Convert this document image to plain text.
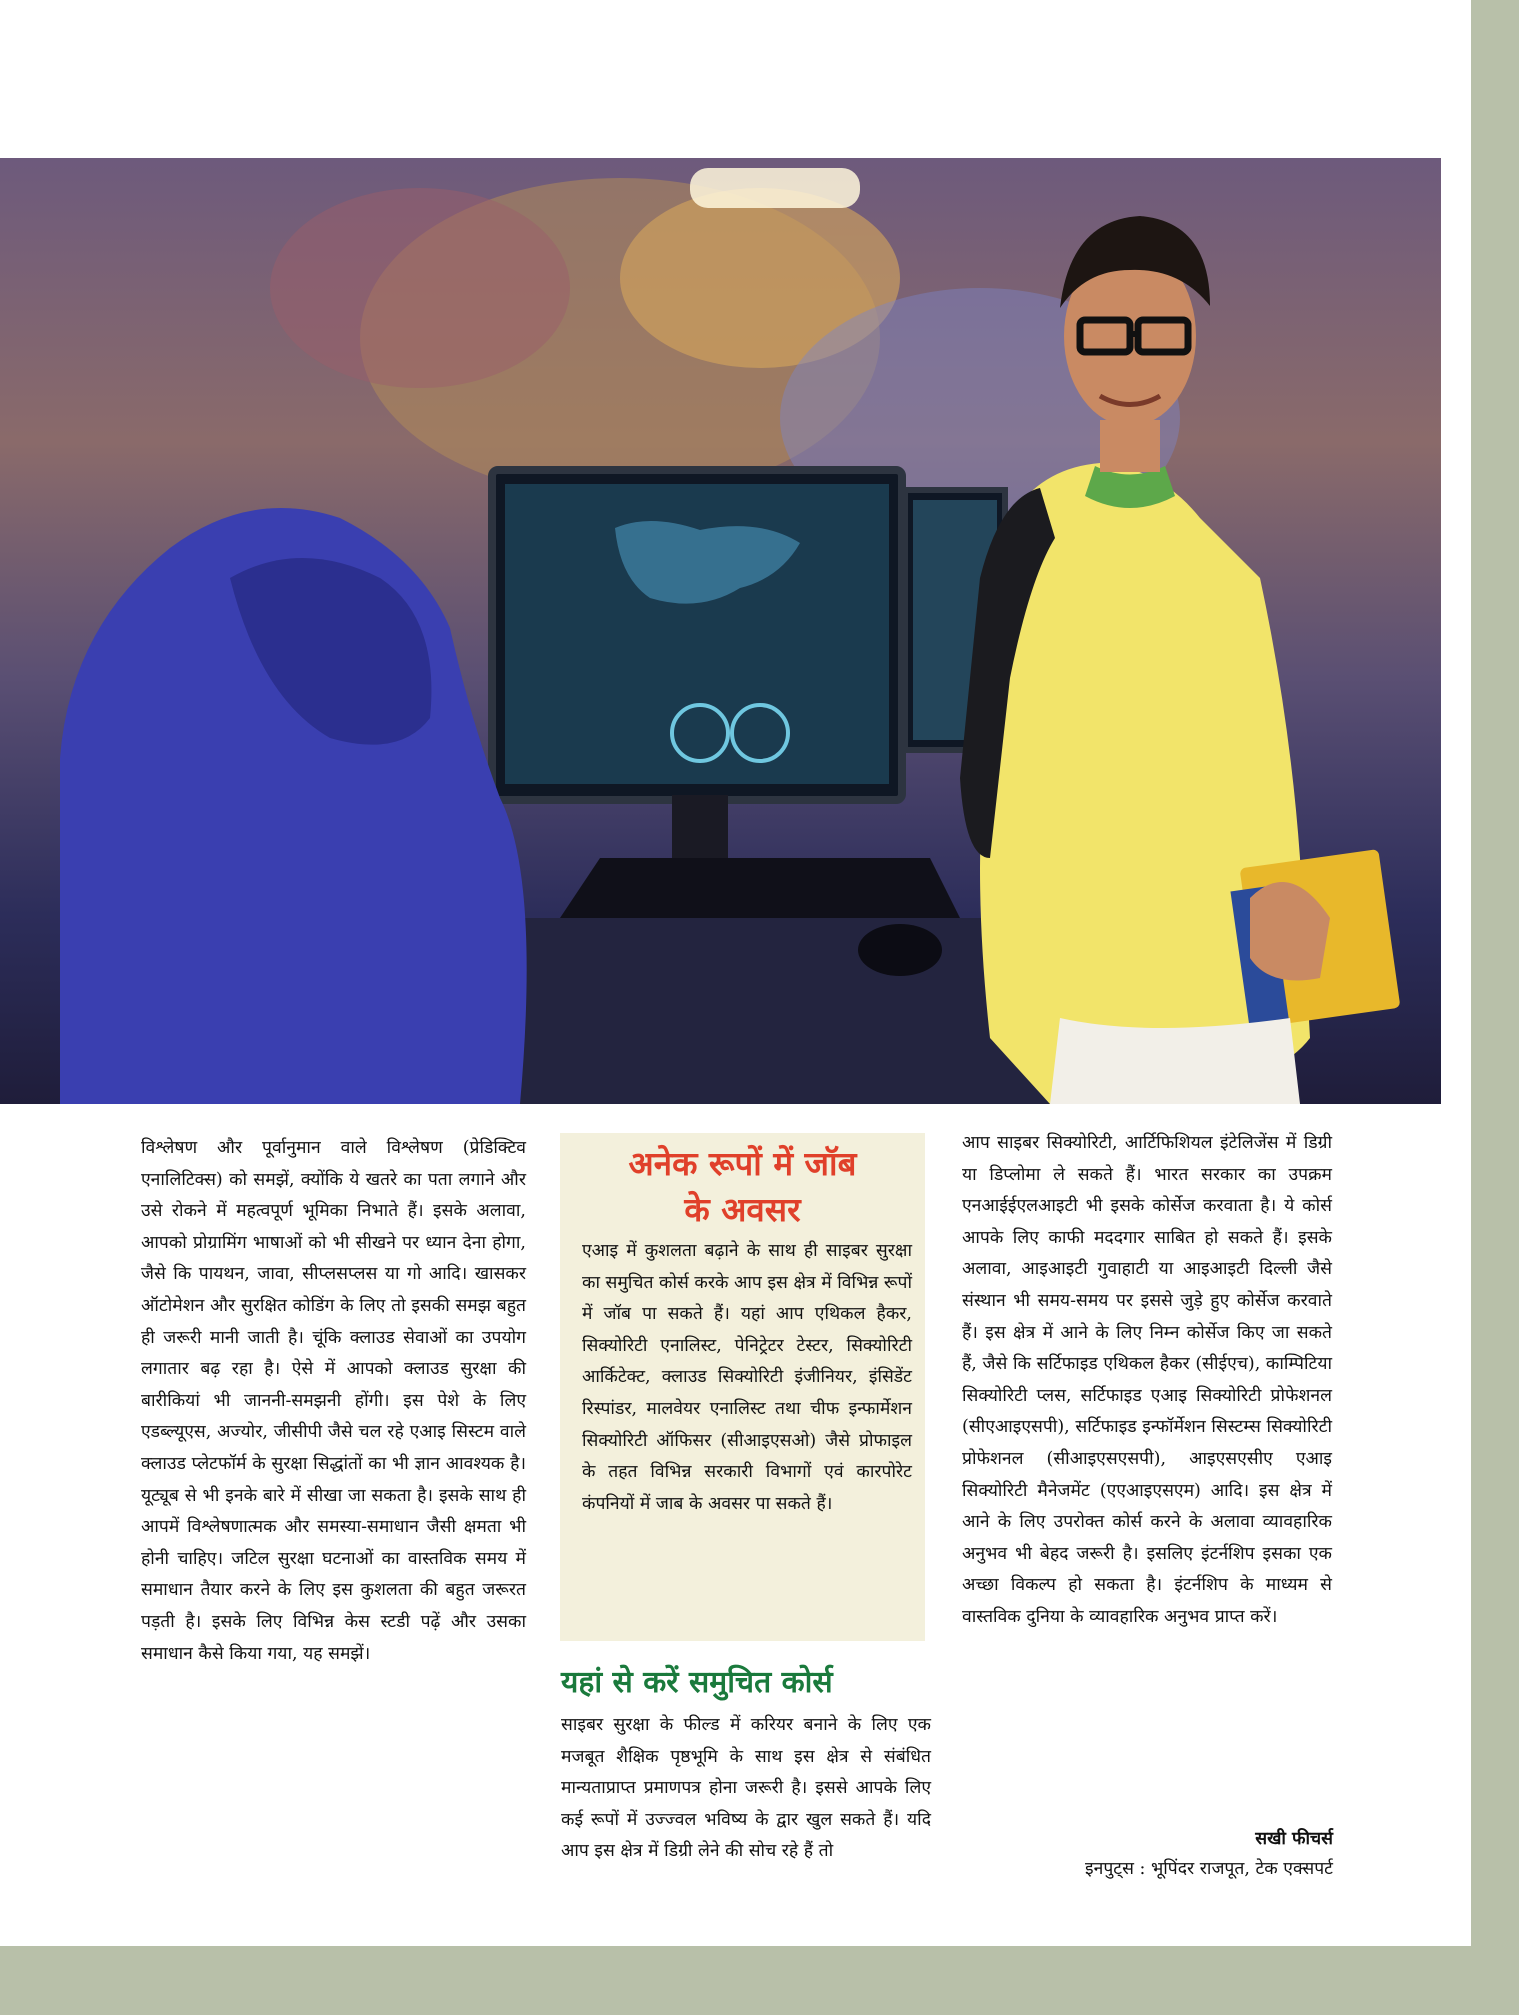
विश्लेषण और पूर्वानुमान वाले विश्लेषण (प्रेडिक्टिव एनालिटिक्स) को समझें, क्योंकि ये खतरे का पता लगाने और उसे रोकने में महत्वपूर्ण भूमिका निभाते हैं। इसके अलावा, आपको प्रोग्रामिंग भाषाओं को भी सीखने पर ध्यान देना होगा, जैसे कि पायथन, जावा, सीप्लसप्लस या गो आदि। खासकर ऑटोमेशन और सुरक्षित कोडिंग के लिए तो इसकी समझ बहुत ही जरूरी मानी जाती है। चूंकि क्लाउड सेवाओं का उपयोग लगातार बढ़ रहा है। ऐसे में आपको क्लाउड सुरक्षा की बारीकियां भी जाननी-समझनी होंगी। इस पेशे के लिए एडब्ल्यूएस, अज्योर, जीसीपी जैसे चल रहे एआइ सिस्टम वाले क्लाउड प्लेटफॉर्म के सुरक्षा सिद्धांतों का भी ज्ञान आवश्यक है। यूट्यूब से भी इनके बारे में सीखा जा सकता है। इसके साथ ही आपमें विश्लेषणात्मक और समस्या-समाधान जैसी क्षमता भी होनी चाहिए। जटिल सुरक्षा घटनाओं का वास्तविक समय में समाधान तैयार करने के लिए इस कुशलता की बहुत जरूरत पड़ती है। इसके लिए विभिन्न केस स्टडी पढ़ें और उसका समाधान कैसे किया गया, यह समझें।

अनेक रूपों में जॉब
के अवसर
एआइ में कुशलता बढ़ाने के साथ ही साइबर सुरक्षा का समुचित कोर्स करके आप इस क्षेत्र में विभिन्न रूपों में जॉब पा सकते हैं। यहां आप एथिकल हैकर, सिक्योरिटी एनालिस्ट, पेनिट्रेटर टेस्टर, सिक्योरिटी आर्किटेक्ट, क्लाउड सिक्योरिटी इंजीनियर, इंसिडेंट रिस्पांडर, मालवेयर एनालिस्ट तथा चीफ इन्फार्मेशन सिक्योरिटी ऑफिसर (सीआइएसओ) जैसे प्रोफाइल के तहत विभिन्न सरकारी विभागों एवं कारपोरेट कंपनियों में जाब के अवसर पा सकते हैं।
यहां से करें समुचित कोर्स

साइबर सुरक्षा के फील्ड में करियर बनाने के लिए एक मजबूत शैक्षिक पृष्ठभूमि के साथ इस क्षेत्र से संबंधित मान्यताप्राप्त प्रमाणपत्र होना जरूरी है। इससे आपके लिए कई रूपों में उज्ज्वल भविष्य के द्वार खुल सकते हैं। यदि आप इस क्षेत्र में डिग्री लेने की सोच रहे हैं तो

आप साइबर सिक्योरिटी, आर्टिफिशियल इंटेलिजेंस में डिग्री या डिप्लोमा ले सकते हैं। भारत सरकार का उपक्रम एनआईईएलआइटी भी इसके कोर्सेज करवाता है। ये कोर्स आपके लिए काफी मददगार साबित हो सकते हैं। इसके अलावा, आइआइटी गुवाहाटी या आइआइटी दिल्ली जैसे संस्थान भी समय-समय पर इससे जुड़े हुए कोर्सेज करवाते हैं। इस क्षेत्र में आने के लिए निम्न कोर्सेज किए जा सकते हैं, जैसे कि सर्टिफाइड एथिकल हैकर (सीईएच), काम्पिटिया सिक्योरिटी प्लस, सर्टिफाइड एआइ सिक्योरिटी प्रोफेशनल (सीएआइएसपी), सर्टिफाइड इन्फॉर्मेशन सिस्टम्स सिक्योरिटी प्रोफेशनल (सीआइएसएसपी), आइएसएसीए एआइ सिक्योरिटी मैनेजमेंट (एएआइएसएम) आदि। इस क्षेत्र में आने के लिए उपरोक्त कोर्स करने के अलावा व्यावहारिक अनुभव भी बेहद जरूरी है। इसलिए इंटर्नशिप इसका एक अच्छा विकल्प हो सकता है। इंटर्नशिप के माध्यम से वास्तविक दुनिया के व्यावहारिक अनुभव प्राप्त करें।

सखी फीचर्स
इनपुट्स : भूपिंदर राजपूत, टेक एक्सपर्ट
